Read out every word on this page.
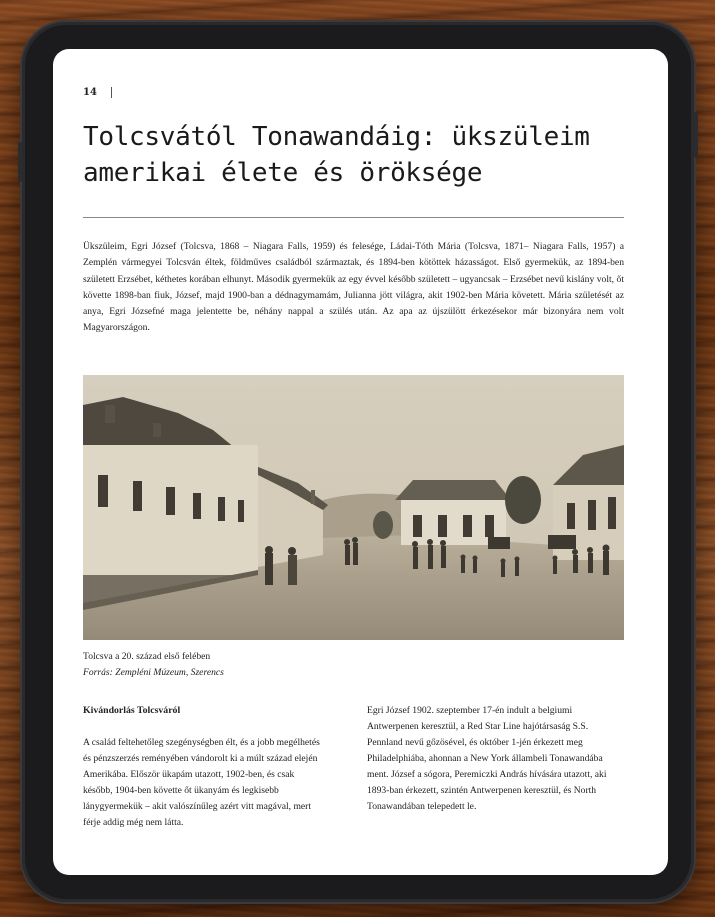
14
Tolcsvától Tonawandáig: ükszüleim amerikai élete és öröksége

Ükszüleim, Egri József (Tolcsva, 1868 – Niagara Falls, 1959) és felesége, Ládai-Tóth Mária (Tolcsva, 1871– Niagara Falls, 1957) a Zemplén vármegyei Tolcsván éltek, földműves családból származtak, és 1894-ben kötöttek házasságot. Első gyermekük, az 1894-ben született Erzsébet, kéthetes korában elhunyt. Második gyermekük az egy évvel később született – ugyancsak – Erzsébet nevű kislány volt, őt követte 1898-ban fiuk, József, majd 1900-ban a dédnagymamám, Julianna jött világra, akit 1902-ben Mária követett. Mária születését az anya, Egri Józsefné maga jelentette be, néhány nappal a szülés után. Az apa az újszülött érkezésekor már bizonyára nem volt Magyarországon.

Tolcsva a 20. század első felében
Forrás: Zempléni Múzeum, Szerencs
Kivándorlás Tolcsváról

A család feltehetőleg szegénységben élt, és a jobb megélhetés és pénzszerzés reményében vándorolt ki a múlt század elején Amerikába. Először ükapám utazott, 1902-ben, és csak később, 1904-ben követte őt ükanyám és legkisebb lánygyermekük – akit valószínűleg azért vitt magával, mert férje addig még nem látta.

Egri József 1902. szeptember 17-én indult a belgiumi Antwerpenen keresztül, a Red Star Line hajótársaság S.S. Pennland nevű gőzösével, és október 1-jén érkezett meg Philadelphiába, ahonnan a New York állambeli Tonawandába ment. József a sógora, Peremiczki András hívására utazott, aki 1893-ban érkezett, szintén Antwerpenen keresztül, és North Tonawandában telepedett le.
